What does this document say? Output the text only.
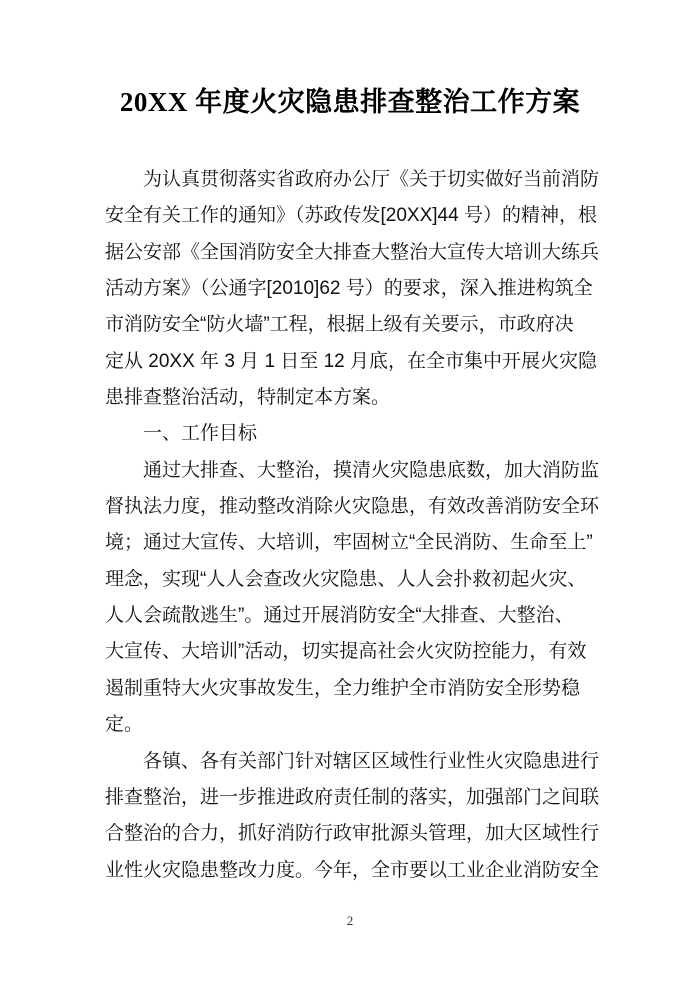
20XX 年度火灾隐患排查整治工作方案
为认真贯彻落实省政府办公厅《关于切实做好当前消防
安全有关工作的通知》（苏政传发[20XX]44 号）的精神，根
据公安部《全国消防安全大排查大整治大宣传大培训大练兵
活动方案》（公通字[2010]62 号）的要求，深入推进构筑全
市消防安全“防火墙”工程，根据上级有关要示，市政府决
定从 20XX 年 3 月 1 日至 12 月底，在全市集中开展火灾隐
患排查整治活动，特制定本方案。
一、工作目标
通过大排查、大整治，摸清火灾隐患底数，加大消防监
督执法力度，推动整改消除火灾隐患，有效改善消防安全环
境；通过大宣传、大培训，牢固树立“全民消防、生命至上”
理念，实现“人人会查改火灾隐患、人人会扑救初起火灾、
人人会疏散逃生”。通过开展消防安全“大排查、大整治、
大宣传、大培训”活动，切实提高社会火灾防控能力，有效
遏制重特大火灾事故发生，全力维护全市消防安全形势稳
定。
各镇、各有关部门针对辖区区域性行业性火灾隐患进行
排查整治，进一步推进政府责任制的落实，加强部门之间联
合整治的合力，抓好消防行政审批源头管理，加大区域性行
业性火灾隐患整改力度。今年，全市要以工业企业消防安全
2
